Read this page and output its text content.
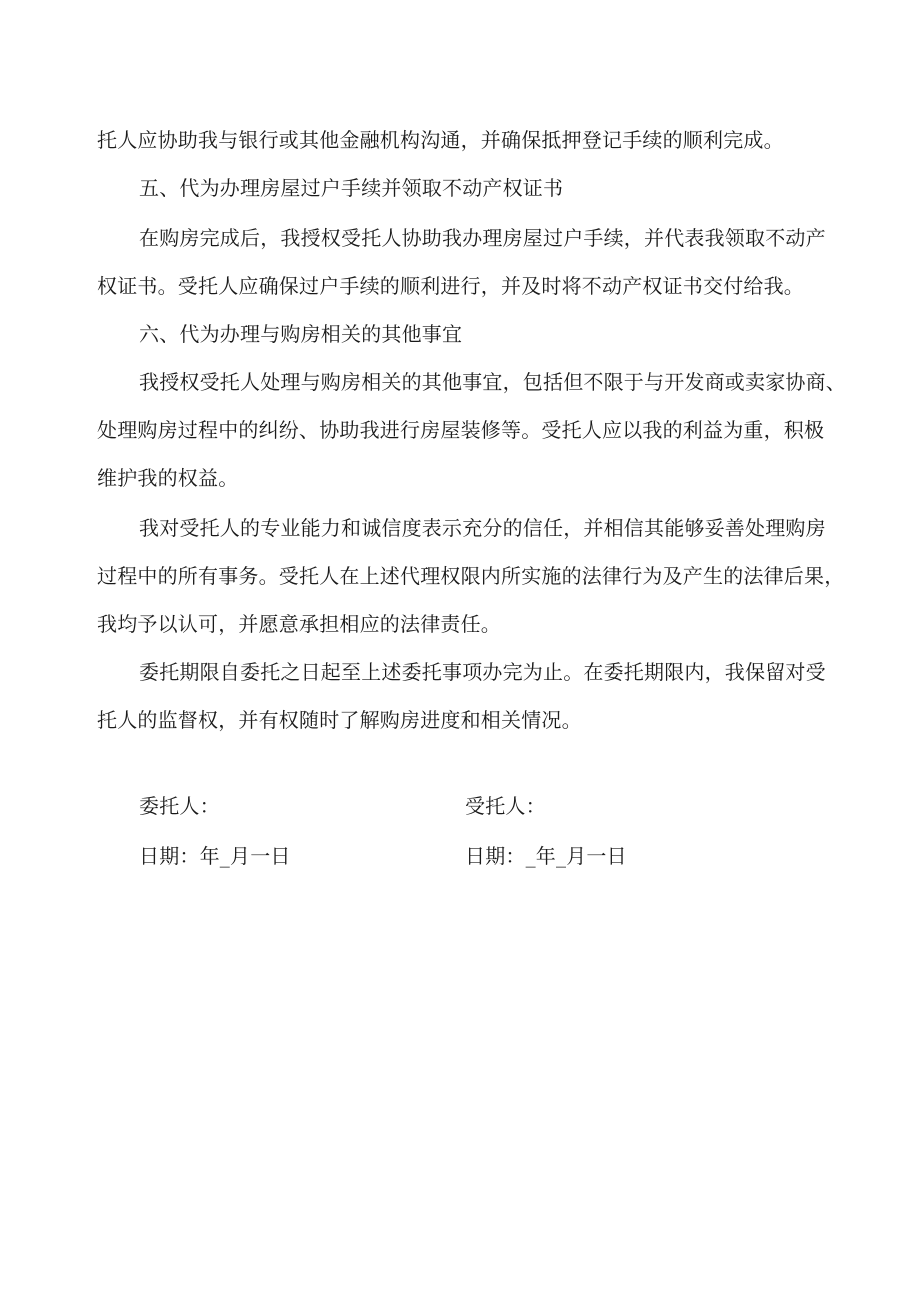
托人应协助我与银行或其他金融机构沟通，并确保抵押登记手续的顺利完成。
五、代为办理房屋过户手续并领取不动产权证书
在购房完成后，我授权受托人协助我办理房屋过户手续，并代表我领取不动产
权证书。受托人应确保过户手续的顺利进行，并及时将不动产权证书交付给我。
六、代为办理与购房相关的其他事宜
我授权受托人处理与购房相关的其他事宜，包括但不限于与开发商或卖家协商、
处理购房过程中的纠纷、协助我进行房屋装修等。受托人应以我的利益为重，积极
维护我的权益。
我对受托人的专业能力和诚信度表示充分的信任，并相信其能够妥善处理购房
过程中的所有事务。受托人在上述代理权限内所实施的法律行为及产生的法律后果，
我均予以认可，并愿意承担相应的法律责任。
委托期限自委托之日起至上述委托事项办完为止。在委托期限内，我保留对受
托人的监督权，并有权随时了解购房进度和相关情况。
委托人：	受托人：
日期：年_月一日	日期：_年_月一日
